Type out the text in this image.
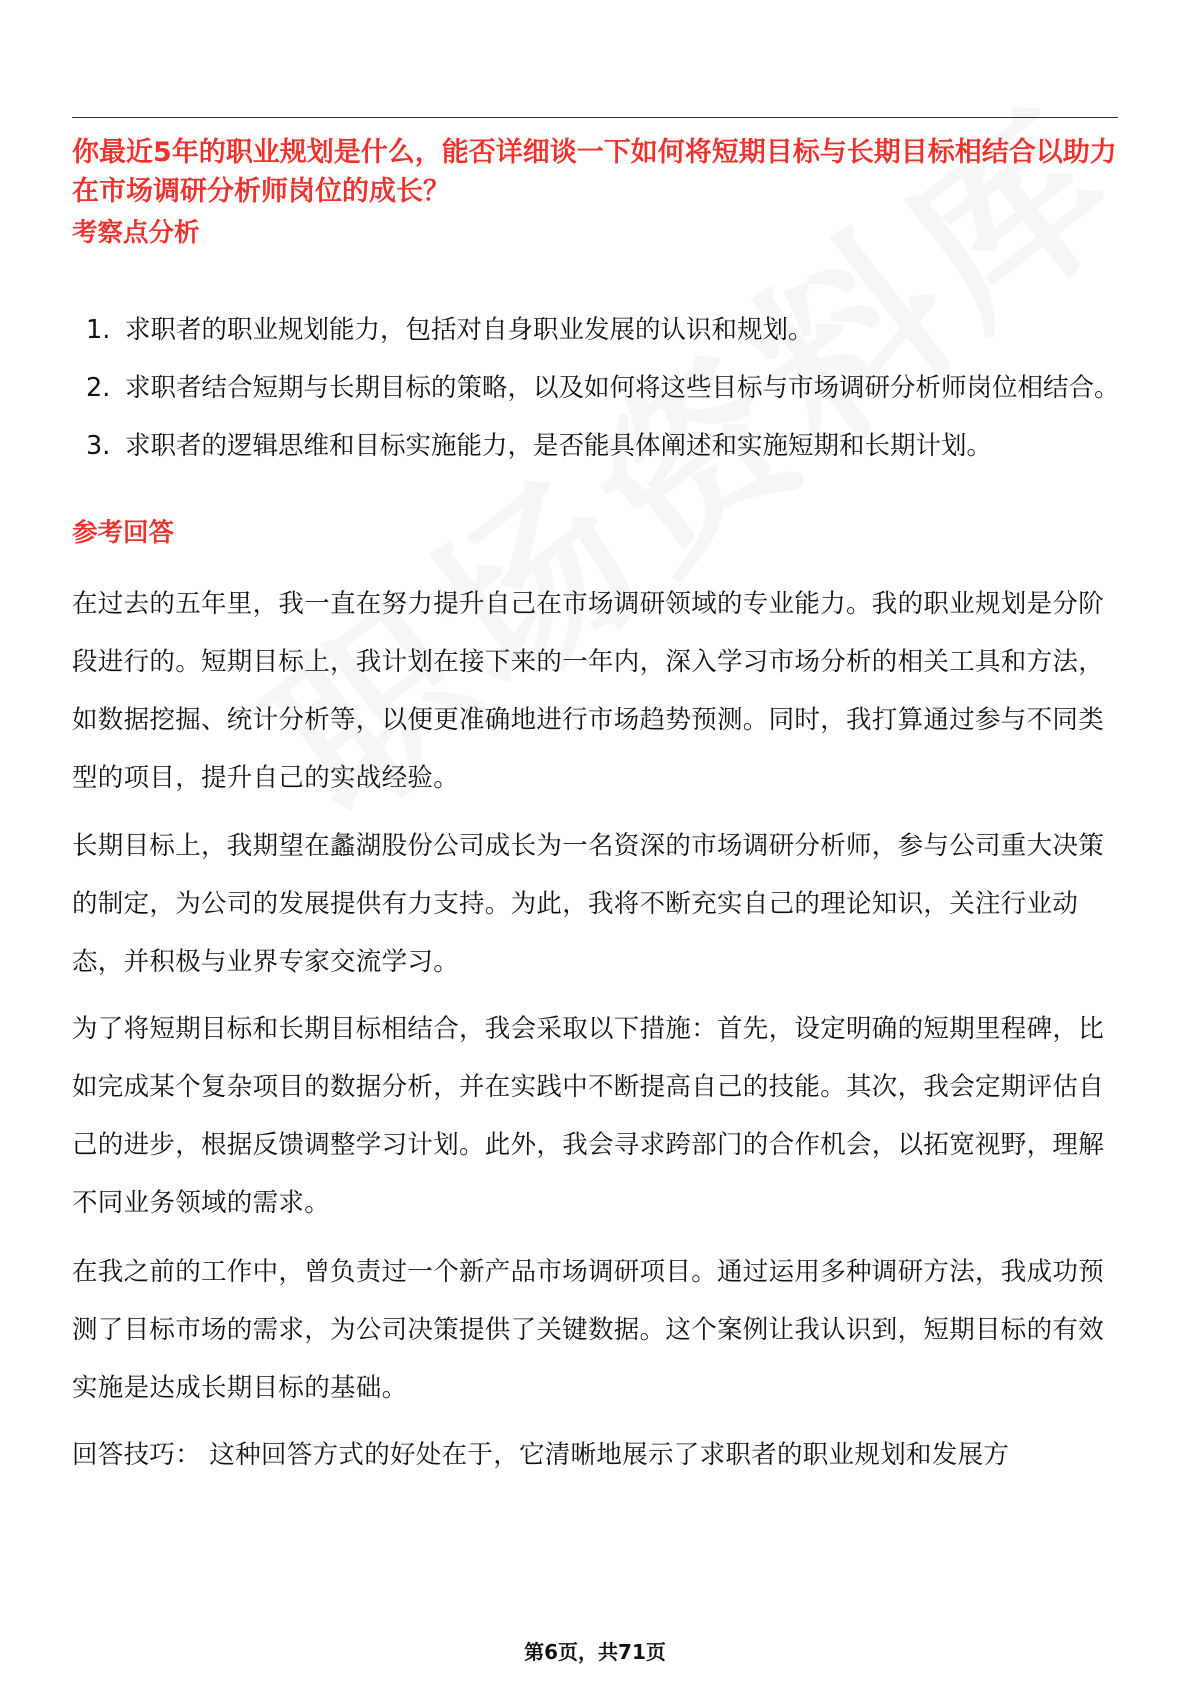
你最近5年的职业规划是什么，能否详细谈一下如何将短期目标与长期目标相结合以助力在市场调研分析师岗位的成长？
考察点分析
1. 求职者的职业规划能力，包括对自身职业发展的认识和规划。
2. 求职者结合短期与长期目标的策略，以及如何将这些目标与市场调研分析师岗位相结合。
3. 求职者的逻辑思维和目标实施能力，是否能具体阐述和实施短期和长期计划。
参考回答

在过去的五年里，我一直在努力提升自己在市场调研领域的专业能力。我的职业规划是分阶段进行的。短期目标上，我计划在接下来的一年内，深入学习市场分析的相关工具和方法，如数据挖掘、统计分析等，以便更准确地进行市场趋势预测。同时，我打算通过参与不同类型的项目，提升自己的实战经验。

长期目标上，我期望在蠡湖股份公司成长为一名资深的市场调研分析师，参与公司重大决策的制定，为公司的发展提供有力支持。为此，我将不断充实自己的理论知识，关注行业动态，并积极与业界专家交流学习。

为了将短期目标和长期目标相结合，我会采取以下措施：首先，设定明确的短期里程碑，比如完成某个复杂项目的数据分析，并在实践中不断提高自己的技能。其次，我会定期评估自己的进步，根据反馈调整学习计划。此外，我会寻求跨部门的合作机会，以拓宽视野，理解不同业务领域的需求。

在我之前的工作中，曾负责过一个新产品市场调研项目。通过运用多种调研方法，我成功预测了目标市场的需求，为公司决策提供了关键数据。这个案例让我认识到，短期目标的有效实施是达成长期目标的基础。

回答技巧： 这种回答方式的好处在于，它清晰地展示了求职者的职业规划和发展方

第6页，共71页
